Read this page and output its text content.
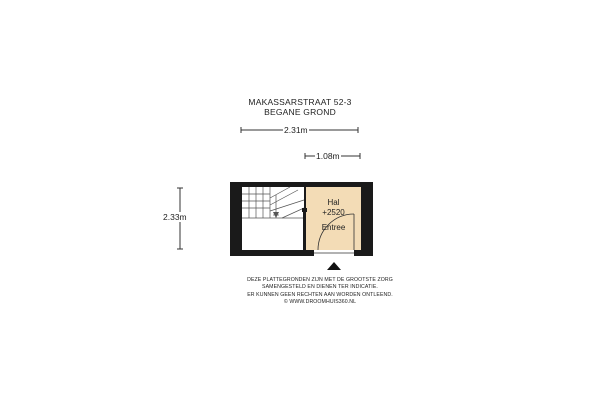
MAKASSARSTRAAT 52-3
BEGANE GROND
2.31m
1.08m
2.33m
Hal
+2520
Entree
DEZE PLATTEGRONDEN ZIJN MET DE GROOTSTE ZORG
SAMENGESTELD EN DIENEN TER INDICATIE.
ER KUNNEN GEEN RECHTEN AAN WORDEN ONTLEEND.
© WWW.DROOMHUIS360.NL
